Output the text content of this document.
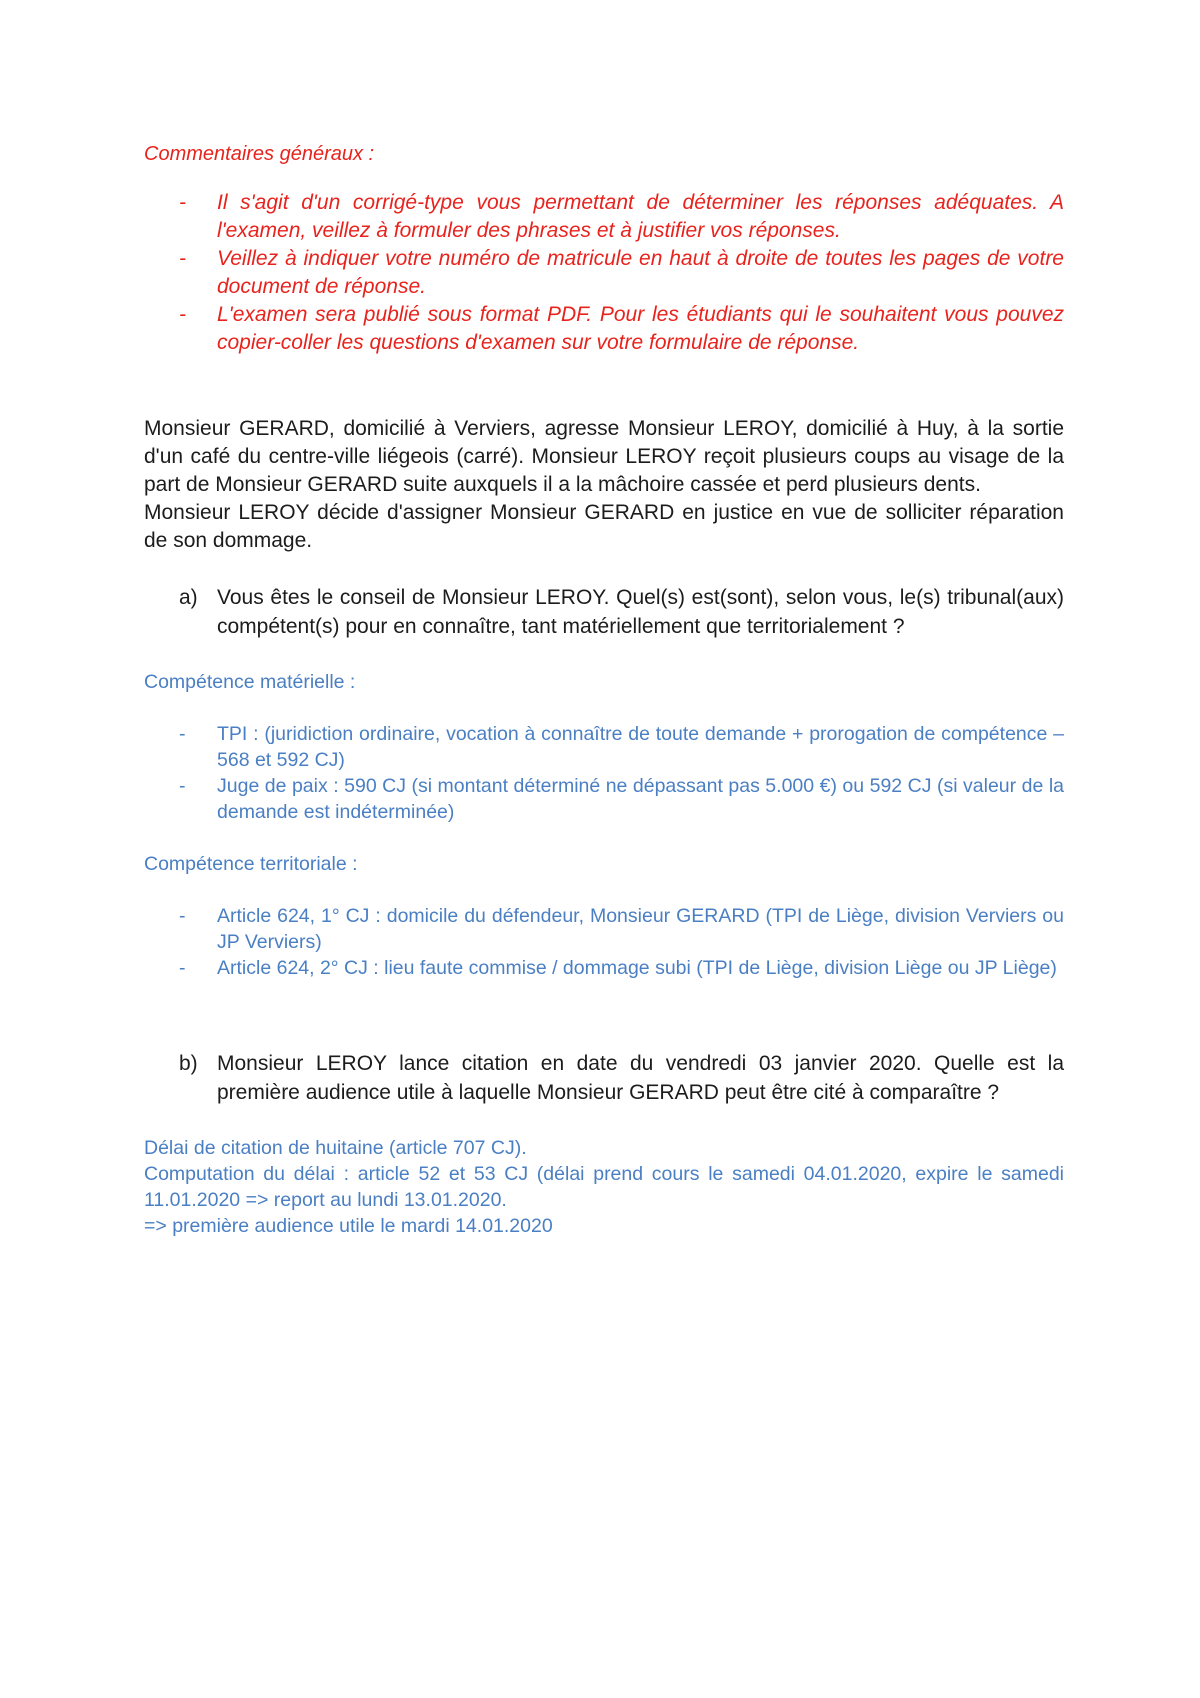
Commentaires généraux :

- Il s'agit d'un corrigé-type vous permettant de déterminer les réponses adéquates. A l'examen, veillez à formuler des phrases et à justifier vos réponses.
- Veillez à indiquer votre numéro de matricule en haut à droite de toutes les pages de votre document de réponse.
- L'examen sera publié sous format PDF. Pour les étudiants qui le souhaitent vous pouvez copier-coller les questions d'examen sur votre formulaire de réponse.

Monsieur GERARD, domicilié à Verviers, agresse Monsieur LEROY, domicilié à Huy, à la sortie d'un café du centre-ville liégeois (carré). Monsieur LEROY reçoit plusieurs coups au visage de la part de Monsieur GERARD suite auxquels il a la mâchoire cassée et perd plusieurs dents.

Monsieur LEROY décide d'assigner Monsieur GERARD en justice en vue de solliciter réparation de son dommage.

a) Vous êtes le conseil de Monsieur LEROY. Quel(s) est(sont), selon vous, le(s) tribunal(aux) compétent(s) pour en connaître, tant matériellement que territorialement ?

Compétence matérielle :

- TPI : (juridiction ordinaire, vocation à connaître de toute demande + prorogation de compétence – 568 et 592 CJ)
- Juge de paix : 590 CJ (si montant déterminé ne dépassant pas 5.000 €) ou 592 CJ (si valeur de la demande est indéterminée)

Compétence territoriale :

- Article 624, 1° CJ : domicile du défendeur, Monsieur GERARD (TPI de Liège, division Verviers ou JP Verviers)
- Article 624, 2° CJ : lieu faute commise / dommage subi (TPI de Liège, division Liège ou JP Liège)
b) Monsieur LEROY lance citation en date du vendredi 03 janvier 2020. Quelle est la première audience utile à laquelle Monsieur GERARD peut être cité à comparaître ?

Délai de citation de huitaine (article 707 CJ).

Computation du délai : article 52 et 53 CJ (délai prend cours le samedi 04.01.2020, expire le samedi 11.01.2020 => report au lundi 13.01.2020.

=> première audience utile le mardi 14.01.2020
